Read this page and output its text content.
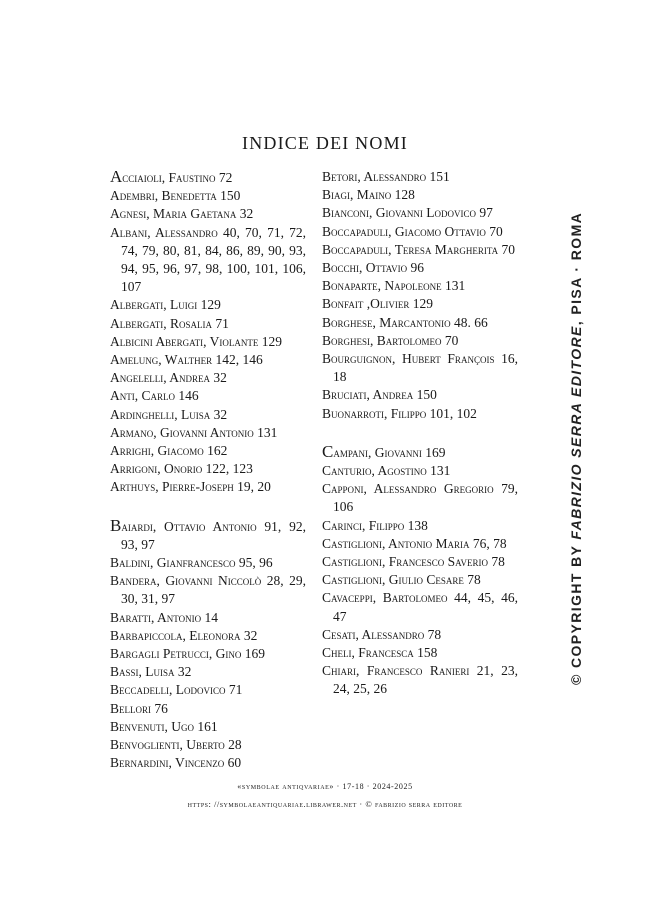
INDICE DEI NOMI
Acciaioli, Faustino 72
Adembri, Benedetta 150
Agnesi, Maria Gaetana 32
Albani, Alessandro 40, 70, 71, 72, 74, 79, 80, 81, 84, 86, 89, 90, 93, 94, 95, 96, 97, 98, 100, 101, 106, 107
Albergati, Luigi 129
Albergati, Rosalia 71
Albicini Abergati, Violante 129
Amelung, Walther 142, 146
Angelelli, Andrea 32
Anti, Carlo 146
Ardinghelli, Luisa 32
Armano, Giovanni Antonio 131
Arrighi, Giacomo 162
Arrigoni, Onorio 122, 123
Arthuys, Pierre-Joseph 19, 20
Baiardi, Ottavio Antonio 91, 92, 93, 97
Baldini, Gianfrancesco 95, 96
Bandera, Giovanni Niccolò 28, 29, 30, 31, 97
Baratti, Antonio 14
Barbapiccola, Eleonora 32
Bargagli Petrucci, Gino 169
Bassi, Luisa 32
Beccadelli, Lodovico 71
Bellori 76
Benvenuti, Ugo 161
Benvoglienti, Uberto 28
Bernardini, Vincenzo 60
Betori, Alessandro 151
Biagi, Maino 128
Bianconi, Giovanni Lodovico 97
Boccapaduli, Giacomo Ottavio 70
Boccapaduli, Teresa Margherita 70
Bocchi, Ottavio 96
Bonaparte, Napoleone 131
Bonfait ,Olivier 129
Borghese, Marcantonio 48. 66
Borghesi, Bartolomeo 70
Bourguignon, Hubert François 16, 18
Bruciati, Andrea 150
Buonarroti, Filippo 101, 102
Campani, Giovanni 169
Canturio, Agostino 131
Capponi, Alessandro Gregorio 79, 106
Carinci, Filippo 138
Castiglioni, Antonio Maria 76, 78
Castiglioni, Francesco Saverio 78
Castiglioni, Giulio Cesare 78
Cavaceppi, Bartolomeo 44, 45, 46, 47
Cesati, Alessandro 78
Cheli, Francesca 158
Chiari, Francesco Ranieri 21, 23, 24, 25, 26
«symbolae antiqvariae» · 17-18 · 2024-2025
https: //symbolaeantiquariae.librawer.net · © fabrizio serra editore
© COPYRIGHT BY FABRIZIO SERRA EDITORE, PISA · ROMA
